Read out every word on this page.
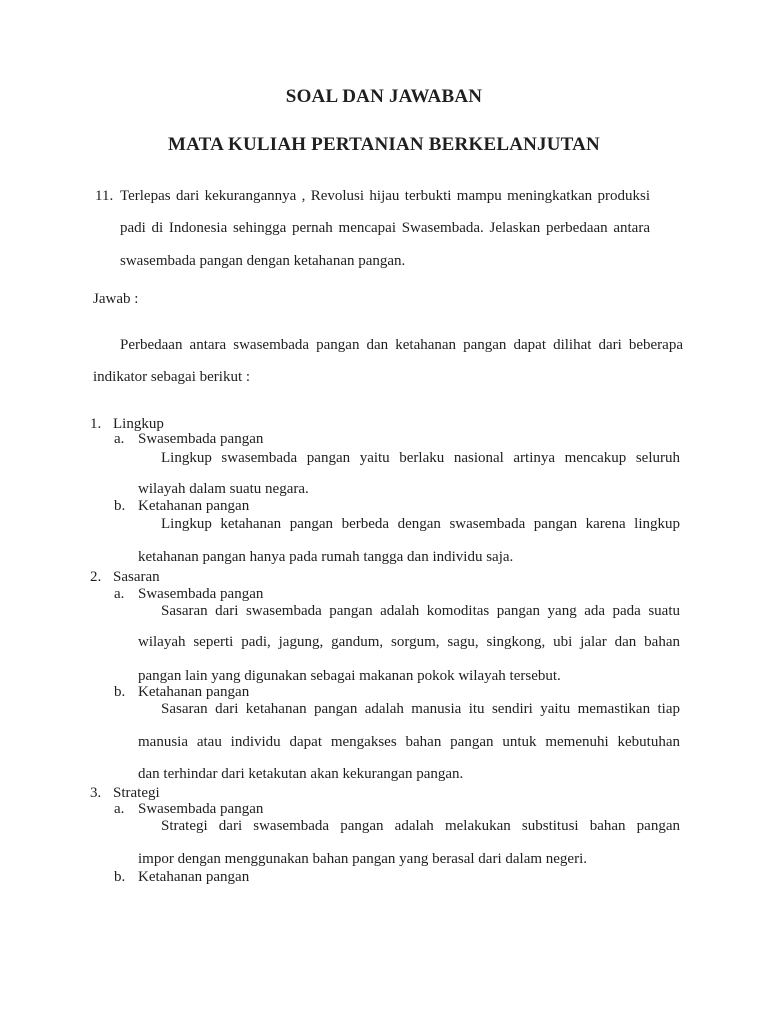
SOAL DAN JAWABAN
MATA KULIAH PERTANIAN BERKELANJUTAN
11. Terlepas dari kekurangannya , Revolusi hijau terbukti mampu meningkatkan produksi
padi di Indonesia sehingga pernah mencapai Swasembada. Jelaskan perbedaan antara
swasembada pangan dengan ketahanan pangan.
Jawab :
Perbedaan antara swasembada pangan dan ketahanan pangan dapat dilihat dari beberapa
indikator sebagai berikut :
1. Lingkup
a. Swasembada pangan
Lingkup swasembada pangan yaitu berlaku nasional artinya mencakup seluruh
wilayah dalam suatu negara.
b. Ketahanan pangan
Lingkup ketahanan pangan berbeda dengan swasembada pangan karena lingkup
ketahanan pangan hanya pada rumah tangga dan individu saja.
2. Sasaran
a. Swasembada pangan
Sasaran dari swasembada pangan adalah komoditas pangan yang ada pada suatu
wilayah seperti padi, jagung, gandum, sorgum, sagu, singkong, ubi jalar dan bahan
pangan lain yang digunakan sebagai makanan pokok wilayah tersebut.
b. Ketahanan pangan
Sasaran dari ketahanan pangan adalah manusia itu sendiri yaitu memastikan tiap
manusia atau individu dapat mengakses bahan pangan untuk memenuhi kebutuhan
dan terhindar dari ketakutan akan kekurangan pangan.
3. Strategi
a. Swasembada pangan
Strategi dari swasembada pangan adalah melakukan substitusi bahan pangan
impor dengan menggunakan bahan pangan yang berasal dari dalam negeri.
b. Ketahanan pangan
